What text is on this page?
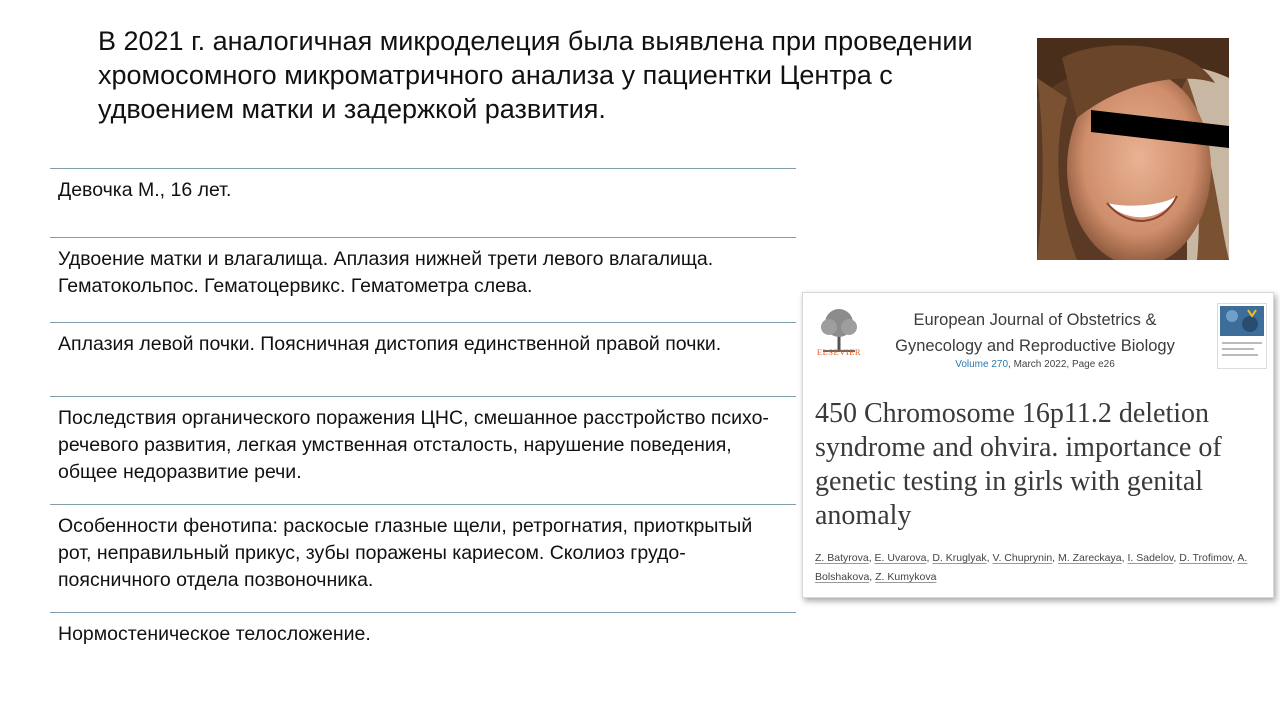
В 2021 г. аналогичная микроделеция была выявлена при проведении хромосомного микроматричного анализа у пациентки Центра с удвоением матки и задержкой развития.
Девочка М., 16 лет.
Удвоение матки и влагалища. Аплазия нижней трети левого влагалища. Гематокольпос. Гематоцервикс. Гематометра слева.
Аплазия левой почки. Поясничная дистопия единственной правой почки.
Последствия органического поражения ЦНС, смешанное расстройство психо-речевого развития, легкая умственная отсталость, нарушение поведения, общее недоразвитие речи.
Особенности фенотипа: раскосые глазные щели, ретрогнатия, приоткрытый рот, неправильный прикус, зубы поражены кариесом. Сколиоз грудо-поясничного отдела позвоночника.
Нормостеническое телосложение.
ELSEVIER
European Journal of Obstetrics &
Gynecology and Reproductive Biology
Volume 270, March 2022, Page e26
450 Chromosome 16p11.2 deletion syndrome and ohvira. importance of genetic testing in girls with genital anomaly
Z. Batyrova, E. Uvarova, D. Kruglyak, V. Chuprynin, M. Zareckaya, I. Sadelov, D. Trofimov, A. Bolshakova, Z. Kumykova
